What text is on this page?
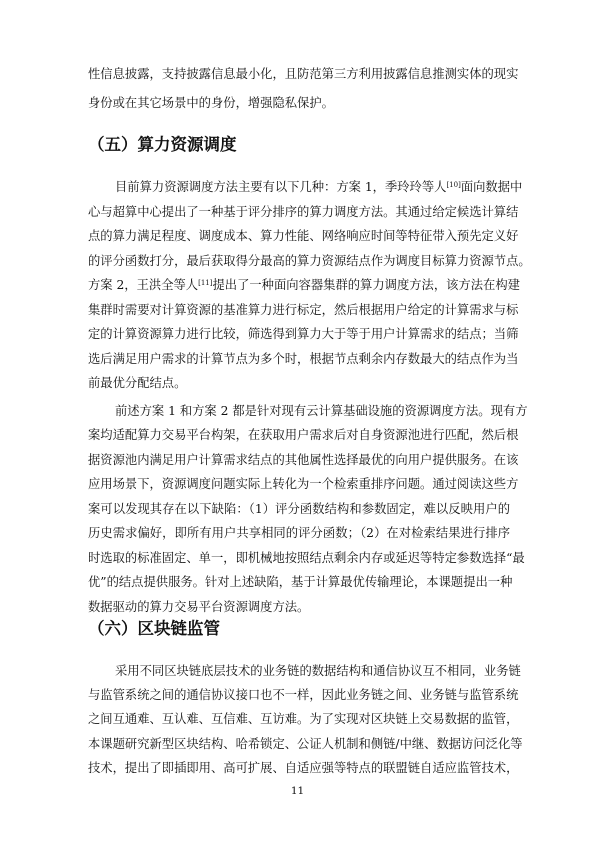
性信息披露，支持披露信息最小化，且防范第三方利用披露信息推测实体的现实
身份或在其它场景中的身份，增强隐私保护。
（五）算力资源调度
目前算力资源调度方法主要有以下几种：方案 1，季玲玲等人[10]面向数据中
心与超算中心提出了一种基于评分排序的算力调度方法。其通过给定候选计算结
点的算力满足程度、调度成本、算力性能、网络响应时间等特征带入预先定义好
的评分函数打分，最后获取得分最高的算力资源结点作为调度目标算力资源节点。
方案 2，王洪全等人[11]提出了一种面向容器集群的算力调度方法，该方法在构建
集群时需要对计算资源的基准算力进行标定，然后根据用户给定的计算需求与标
定的计算资源算力进行比较，筛选得到算力大于等于用户计算需求的结点；当筛
选后满足用户需求的计算节点为多个时，根据节点剩余内存数最大的结点作为当
前最优分配结点。
前述方案 1 和方案 2 都是针对现有云计算基础设施的资源调度方法。现有方
案均适配算力交易平台构架，在获取用户需求后对自身资源池进行匹配，然后根
据资源池内满足用户计算需求结点的其他属性选择最优的向用户提供服务。在该
应用场景下，资源调度问题实际上转化为一个检索重排序问题。通过阅读这些方
案可以发现其存在以下缺陷：（1）评分函数结构和参数固定，难以反映用户的
历史需求偏好，即所有用户共享相同的评分函数；（2）在对检索结果进行排序
时选取的标准固定、单一，即机械地按照结点剩余内存或延迟等特定参数选择“最
优”的结点提供服务。针对上述缺陷，基于计算最优传输理论，本课题提出一种
数据驱动的算力交易平台资源调度方法。
（六）区块链监管
采用不同区块链底层技术的业务链的数据结构和通信协议互不相同，业务链
与监管系统之间的通信协议接口也不一样，因此业务链之间、业务链与监管系统
之间互通难、互认难、互信难、互访难。为了实现对区块链上交易数据的监管，
本课题研究新型区块结构、哈希锁定、公证人机制和侧链/中继、数据访问泛化等
技术，提出了即插即用、高可扩展、自适应强等特点的联盟链自适应监管技术，
11
